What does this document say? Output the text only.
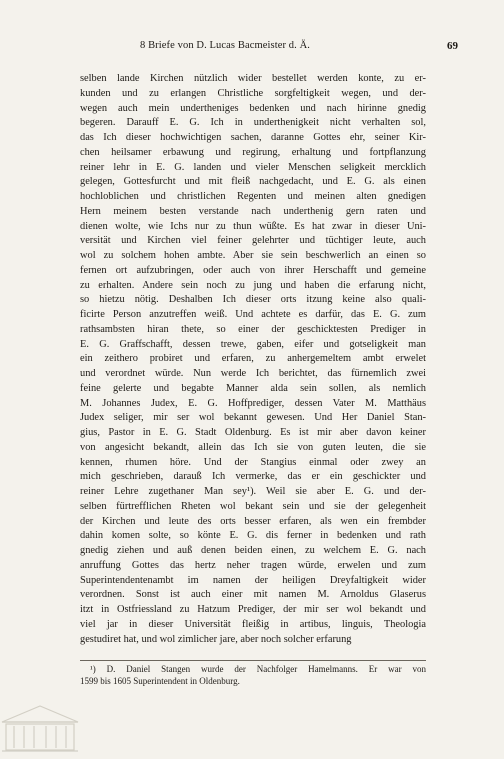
8 Briefe von D. Lucas Bacmeister d. Ä.	69
selben lande Kirchen nützlich wider bestellet werden konte, zu er-
kunden und zu erlangen Christliche sorgfeltigkeit wegen, und der-
wegen auch mein undertheniges bedenken und nach hirinne gnedig
begeren. Darauff E. G. Ich in underthenigkeit nicht verhalten sol,
das Ich dieser hochwichtigen sachen, daranne Gottes ehr, seiner Kir-
chen heilsamer erbawung und regirung, erhaltung und fortpflanzung
reiner lehr in E. G. landen und vieler Menschen seligkeit mercklich
gelegen, Gottesfurcht und mit fleiß nachgedacht, und E. G. als einen
hochloblichen und christlichen Regenten und meinen alten gnedigen
Hern meinem besten verstande nach underthenig gern raten und
dienen wolte, wie Ichs nur zu thun wüßte. Es hat zwar in dieser Uni-
versität und Kirchen viel feiner gelehrter und tüchtiger leute, auch
wol zu solchem hohen ambte. Aber sie sein beschwerlich an einen so
fernen ort aufzubringen, oder auch von ihrer Herschafft und gemeine
zu erhalten. Andere sein noch zu jung und haben die erfarung nicht,
so hietzu nötig. Deshalben Ich dieser orts itzung keine also quali-
ficirte Person anzutreffen weiß. Und achtete es darfür, das E. G. zum
rathsambsten hiran thete, so einer der geschicktesten Prediger in
E. G. Graffschafft, dessen trewe, gaben, eifer und gotseligkeit man
ein zeithero probiret und erfaren, zu anhergemeltem ambt erwelet
und verordnet würde. Nun werde Ich berichtet, das fürnemlich zwei
feine gelerte und begabte Manner alda sein sollen, als nemlich
M. Johannes Judex, E. G. Hoffprediger, dessen Vater M. Matthäus
Judex seliger, mir ser wol bekannt gewesen. Und Her Daniel Stan-
gius, Pastor in E. G. Stadt Oldenburg. Es ist mir aber davon keiner
von angesicht bekandt, allein das Ich sie von guten leuten, die sie
kennen, rhumen höre. Und der Stangius einmal oder zwey an
mich geschrieben, darauß Ich vermerke, das er ein geschickter und
reiner Lehre zugethaner Man sey¹). Weil sie aber E. G. und der-
selben fürtrefflichen Rheten wol bekant sein und sie der gelegenheit
der Kirchen und leute des orts besser erfaren, als wen ein frembder
dahin komen solte, so könte E. G. dis ferner in bedenken und rath
gnedig ziehen und auß denen beiden einen, zu welchem E. G. nach
anruffung Gottes das hertz neher tragen würde, erwelen und zum
Superintendentenambt im namen der heiligen Dreyfaltigkeit wider
verordnen. Sonst ist auch einer mit namen M. Arnoldus Glaserus
itzt in Ostfriessland zu Hatzum Prediger, der mir ser wol bekandt und
viel jar in dieser Universität fleißig in artibus, linguis, Theologia
gestudiret hat, und wol zimlicher jare, aber noch solcher erfarung
¹) D. Daniel Stangen wurde der Nachfolger Hamelmanns. Er war von
1599 bis 1605 Superintendent in Oldenburg.
